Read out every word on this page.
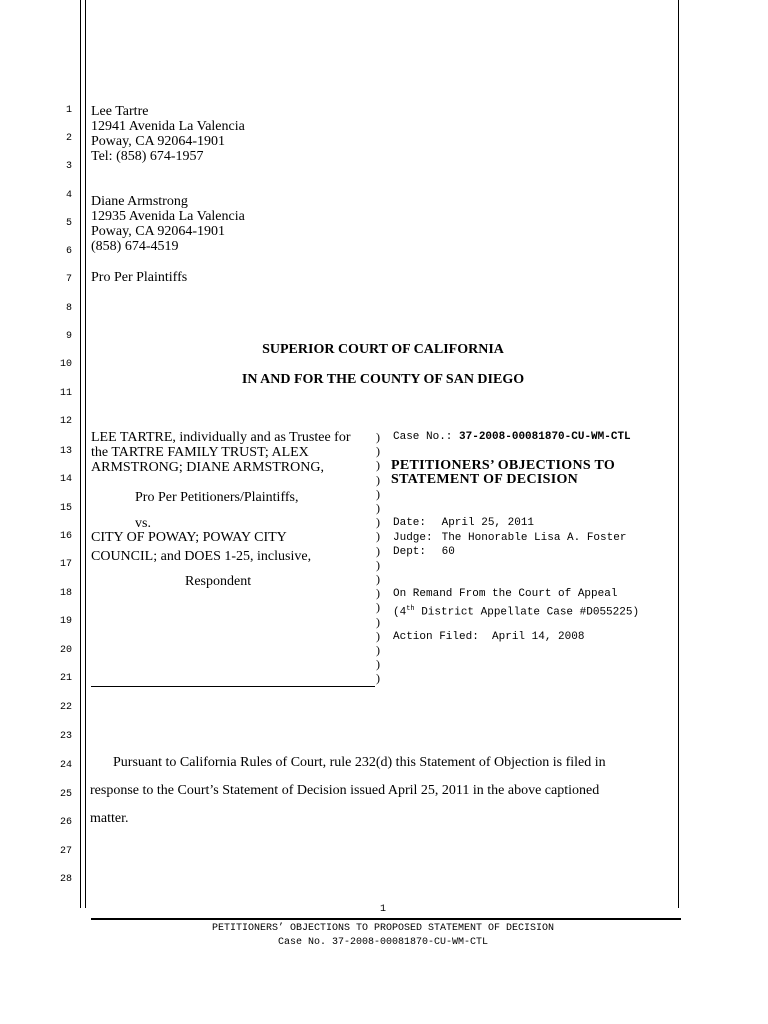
1
2
3
4
5
6
7
8
9
10
11
12
13
14
15
16
17
18
19
20
21
22
23
24
25
26
27
28
Lee Tartre
12941 Avenida La Valencia
Poway, CA 92064-1901
Tel: (858) 674-1957
Diane Armstrong
12935 Avenida La Valencia
Poway, CA 92064-1901
(858) 674-4519
Pro Per Plaintiffs
SUPERIOR COURT OF CALIFORNIA
IN AND FOR THE COUNTY OF SAN DIEGO
LEE TARTRE, individually and as Trustee for
the TARTRE FAMILY TRUST; ALEX
ARMSTRONG; DIANE ARMSTRONG,
Pro Per Petitioners/Plaintiffs,
vs.
CITY OF POWAY; POWAY CITY
COUNCIL; and DOES 1-25, inclusive,
Respondent
)
)
)
)
)
)
)
)
)
)
)
)
)
)
)
)
)
)
Case No.: 37-2008-00081870-CU-WM-CTL
PETITIONERS’ OBJECTIONS TO
STATEMENT OF DECISION
Date: April 25, 2011
Judge: The Honorable Lisa A. Foster
Dept: 60
On Remand From the Court of Appeal
(4th District Appellate Case #D055225)
Action Filed: April 14, 2008
Pursuant to California Rules of Court, rule 232(d) this Statement of Objection is filed in
response to the Court’s Statement of Decision issued April 25, 2011 in the above captioned
matter.
1
PETITIONERS’ OBJECTIONS TO PROPOSED STATEMENT OF DECISION
Case No. 37-2008-00081870-CU-WM-CTL
